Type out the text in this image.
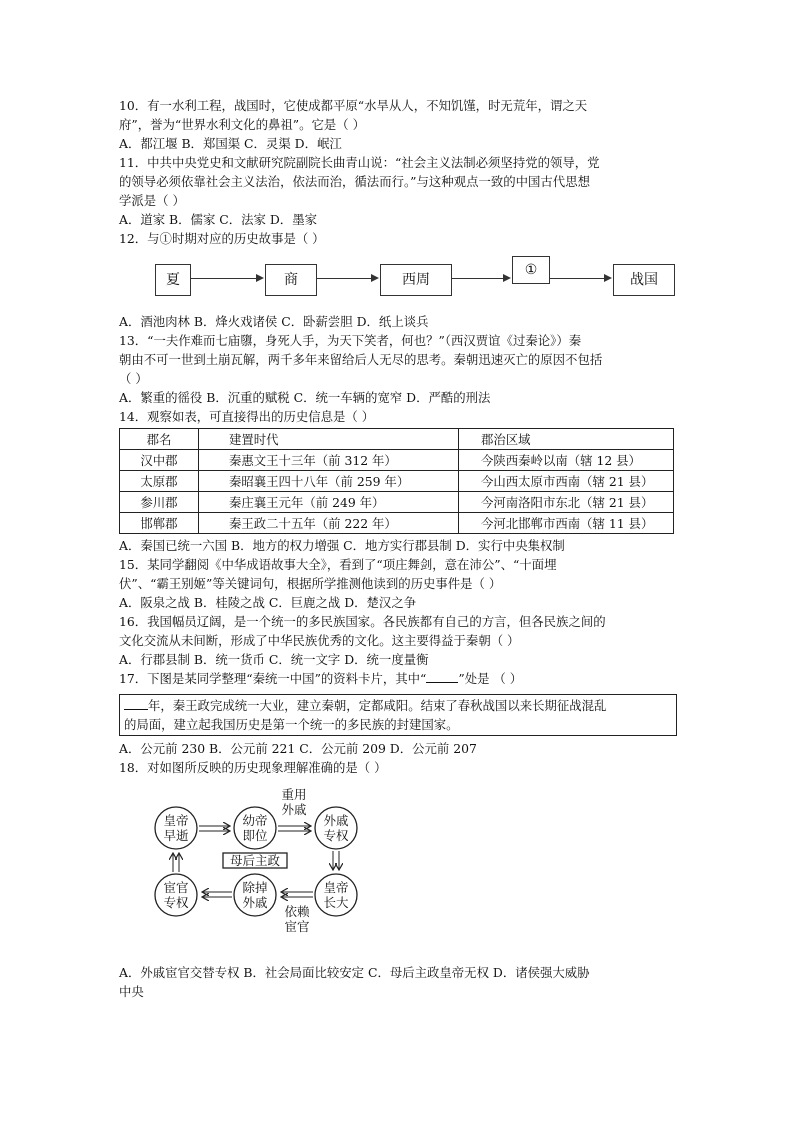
10．有一水利工程，战国时，它使成都平原“水旱从人，不知饥馑，时无荒年，谓之天
府”，誉为“世界水利文化的鼻祖”。它是（ ）
A．都江堰 B．郑国渠 C．灵渠 D．岷江
11．中共中央党史和文献研究院副院长曲青山说：“社会主义法制必须坚持党的领导，党
的领导必须依靠社会主义法治，依法而治，循法而行。”与这种观点一致的中国古代思想
学派是（ ）
A．道家 B．儒家 C．法家 D．墨家
12．与①时期对应的历史故事是（ ）
夏	商	西周
①
战国
A．酒池肉林 B．烽火戏诸侯 C．卧薪尝胆 D．纸上谈兵
13．“一夫作难而七庙隳，身死人手，为天下笑者，何也？”（西汉贾谊《过秦论》）秦
朝由不可一世到土崩瓦解，两千多年来留给后人无尽的思考。秦朝迅速灭亡的原因不包括
（ ）
A．繁重的徭役 B．沉重的赋税 C．统一车辆的宽窄 D．严酷的刑法
14．观察如表，可直接得出的历史信息是（ ）
郡名	建置时代	郡治区域
汉中郡	秦惠文王十三年（前 312 年）	今陕西秦岭以南（辖 12 县）
太原郡	秦昭襄王四十八年（前 259 年）	今山西太原市西南（辖 21 县）
参川郡	秦庄襄王元年（前 249 年）	今河南洛阳市东北（辖 21 县）
邯郸郡	秦王政二十五年（前 222 年）	今河北邯郸市西南（辖 11 县）
A．秦国已统一六国 B．地方的权力增强 C．地方实行郡县制 D．实行中央集权制
15．某同学翻阅《中华成语故事大全》，看到了“项庄舞剑，意在沛公”、“十面埋
伏”、“霸王别姬”等关键词句，根据所学推测他读到的历史事件是（ ）
A．阪泉之战 B．桂陵之战 C．巨鹿之战 D．楚汉之争
16．我国幅员辽阔，是一个统一的多民族国家。各民族都有自己的方言，但各民族之间的
文化交流从未间断，形成了中华民族优秀的文化。这主要得益于秦朝（ ）
A．行郡县制 B．统一货币 C．统一文字 D．统一度量衡
17．下图是某同学整理“秦统一中国”的资料卡片，其中“	”处是 （ ）
年，秦王政完成统一大业，建立秦朝，定都咸阳。结束了春秋战国以来长期征战混乱
的局面，建立起我国历史是第一个统一的多民族的封建国家。
A．公元前 230 B．公元前 221 C．公元前 209 D．公元前 207
18．对如图所反映的历史现象理解准确的是（ ）
皇帝
早逝
幼帝
即位
外戚
专权
皇帝
长大
除掉
外戚
宦官
专权
重用
外戚
依赖
宦官
母后主政
A．外戚宦官交替专权 B．社会局面比较安定 C．母后主政皇帝无权 D．诸侯强大威胁
中央
